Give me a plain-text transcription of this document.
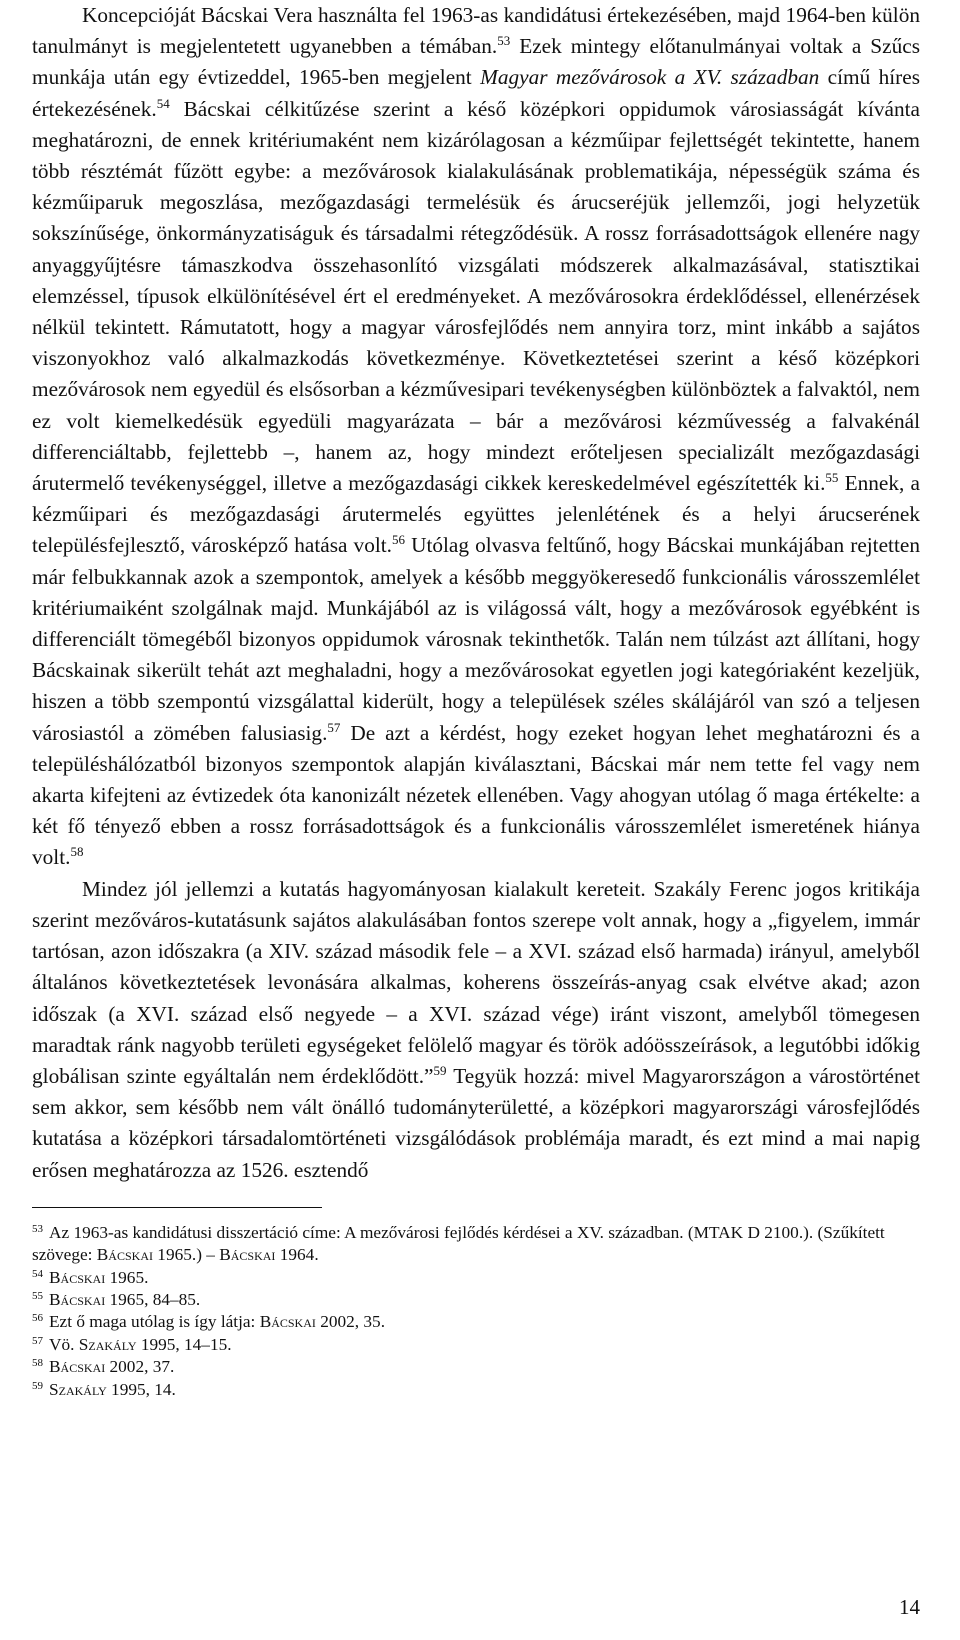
Koncepcióját Bácskai Vera használta fel 1963-as kandidátusi értekezésében, majd 1964-ben külön tanulmányt is megjelentetett ugyanebben a témában.$^{53}$ Ezek mintegy előtanulmányai voltak a Szűcs munkája után egy évtizeddel, 1965-ben megjelent Magyar mezővárosok a XV. században című híres értekezésének.$^{54}$ Bácskai célkitűzése szerint a késő középkori oppidumok városiasságát kívánta meghatározni, de ennek kritériumaként nem kizárólagosan a kézműipar fejlettségét tekintette, hanem több résztémát fűzött egybe: a mezővárosok kialakulásának problematikája, népességük száma és kézműiparuk megoszlása, mezőgazdasági termelésük és árucseréjük jellemzői, jogi helyzetük sokszínűsége, önkormányzatiságuk és társadalmi rétegződésük. A rossz forrásadottságok ellenére nagy anyaggyűjtésre támaszkodva összehasonlító vizsgálati módszerek alkalmazásával, statisztikai elemzéssel, típusok elkülönítésével ért el eredményeket. A mezővárosokra érdeklődéssel, ellenérzések nélkül tekintett. Rámutatott, hogy a magyar városfejlődés nem annyira torz, mint inkább a sajátos viszonyokhoz való alkalmazkodás következménye. Következtetései szerint a késő középkori mezővárosok nem egyedül és elsősorban a kézművesipari tevékenységben különböztek a falvaktól, nem ez volt kiemelkedésük egyedüli magyarázata – bár a mezővárosi kézművesség a falvakénál differenciáltabb, fejlettebb –, hanem az, hogy mindezt erőteljesen specializált mezőgazdasági árutermelő tevékenységgel, illetve a mezőgazdasági cikkek kereskedelmével egészítették ki.$^{55}$ Ennek, a kézműipari és mezőgazdasági árutermelés együttes jelenlétének és a helyi árucserének településfejlesztő, városképző hatása volt.$^{56}$ Utólag olvasva feltűnő, hogy Bácskai munkájában rejtetten már felbukkannak azok a szempontok, amelyek a később meggyökeresedő funkcionális városszemlélet kritériumaiként szolgálnak majd. Munkájából az is világossá vált, hogy a mezővárosok egyébként is differenciált tömegéből bizonyos oppidumok városnak tekinthetők. Talán nem túlzást azt állítani, hogy Bácskainak sikerült tehát azt meghaladni, hogy a mezővárosokat egyetlen jogi kategóriaként kezeljük, hiszen a több szempontú vizsgálattal kiderült, hogy a települések széles skálájáról van szó a teljesen városiastól a zömében falusiasig.$^{57}$ De azt a kérdést, hogy ezeket hogyan lehet meghatározni és a településhálózatból bizonyos szempontok alapján kiválasztani, Bácskai már nem tette fel vagy nem akarta kifejteni az évtizedek óta kanonizált nézetek ellenében. Vagy ahogyan utólag ő maga értékelte: a két fő tényező ebben a rossz forrásadottságok és a funkcionális városszemlélet ismeretének hiánya volt.$^{58}$

Mindez jól jellemzi a kutatás hagyományosan kialakult kereteit. Szakály Ferenc jogos kritikája szerint mezőváros-kutatásunk sajátos alakulásában fontos szerepe volt annak, hogy a „figyelem, immár tartósan, azon időszakra (a XIV. század második fele – a XVI. század első harmada) irányul, amelyből általános következtetések levonására alkalmas, koherens összeírás-anyag csak elvétve akad; azon időszak (a XVI. század első negyede – a XVI. század vége) iránt viszont, amelyből tömegesen maradtak ránk nagyobb területi egységeket felölelő magyar és török adóösszeírások, a legutóbbi időkig globálisan szinte egyáltalán nem érdeklődött.”$^{59}$ Tegyük hozzá: mivel Magyarországon a várostörténet sem akkor, sem később nem vált önálló tudományterületté, a középkori magyarországi városfejlődés kutatása a középkori társadalomtörténeti vizsgálódások problémája maradt, és ezt mind a mai napig erősen meghatározza az 1526. esztendő

$^{53}$ Az 1963-as kandidátusi disszertáció címe: A mezővárosi fejlődés kérdései a XV. században. (MTAK D 2100.). (Szűkített szövege: Bácskai 1965.) – Bácskai 1964.

$^{54}$ Bácskai 1965.

$^{55}$ Bácskai 1965, 84–85.

$^{56}$ Ezt ő maga utólag is így látja: Bácskai 2002, 35.

$^{57}$ Vö. Szakály 1995, 14–15.

$^{58}$ Bácskai 2002, 37.

$^{59}$ Szakály 1995, 14.

14
